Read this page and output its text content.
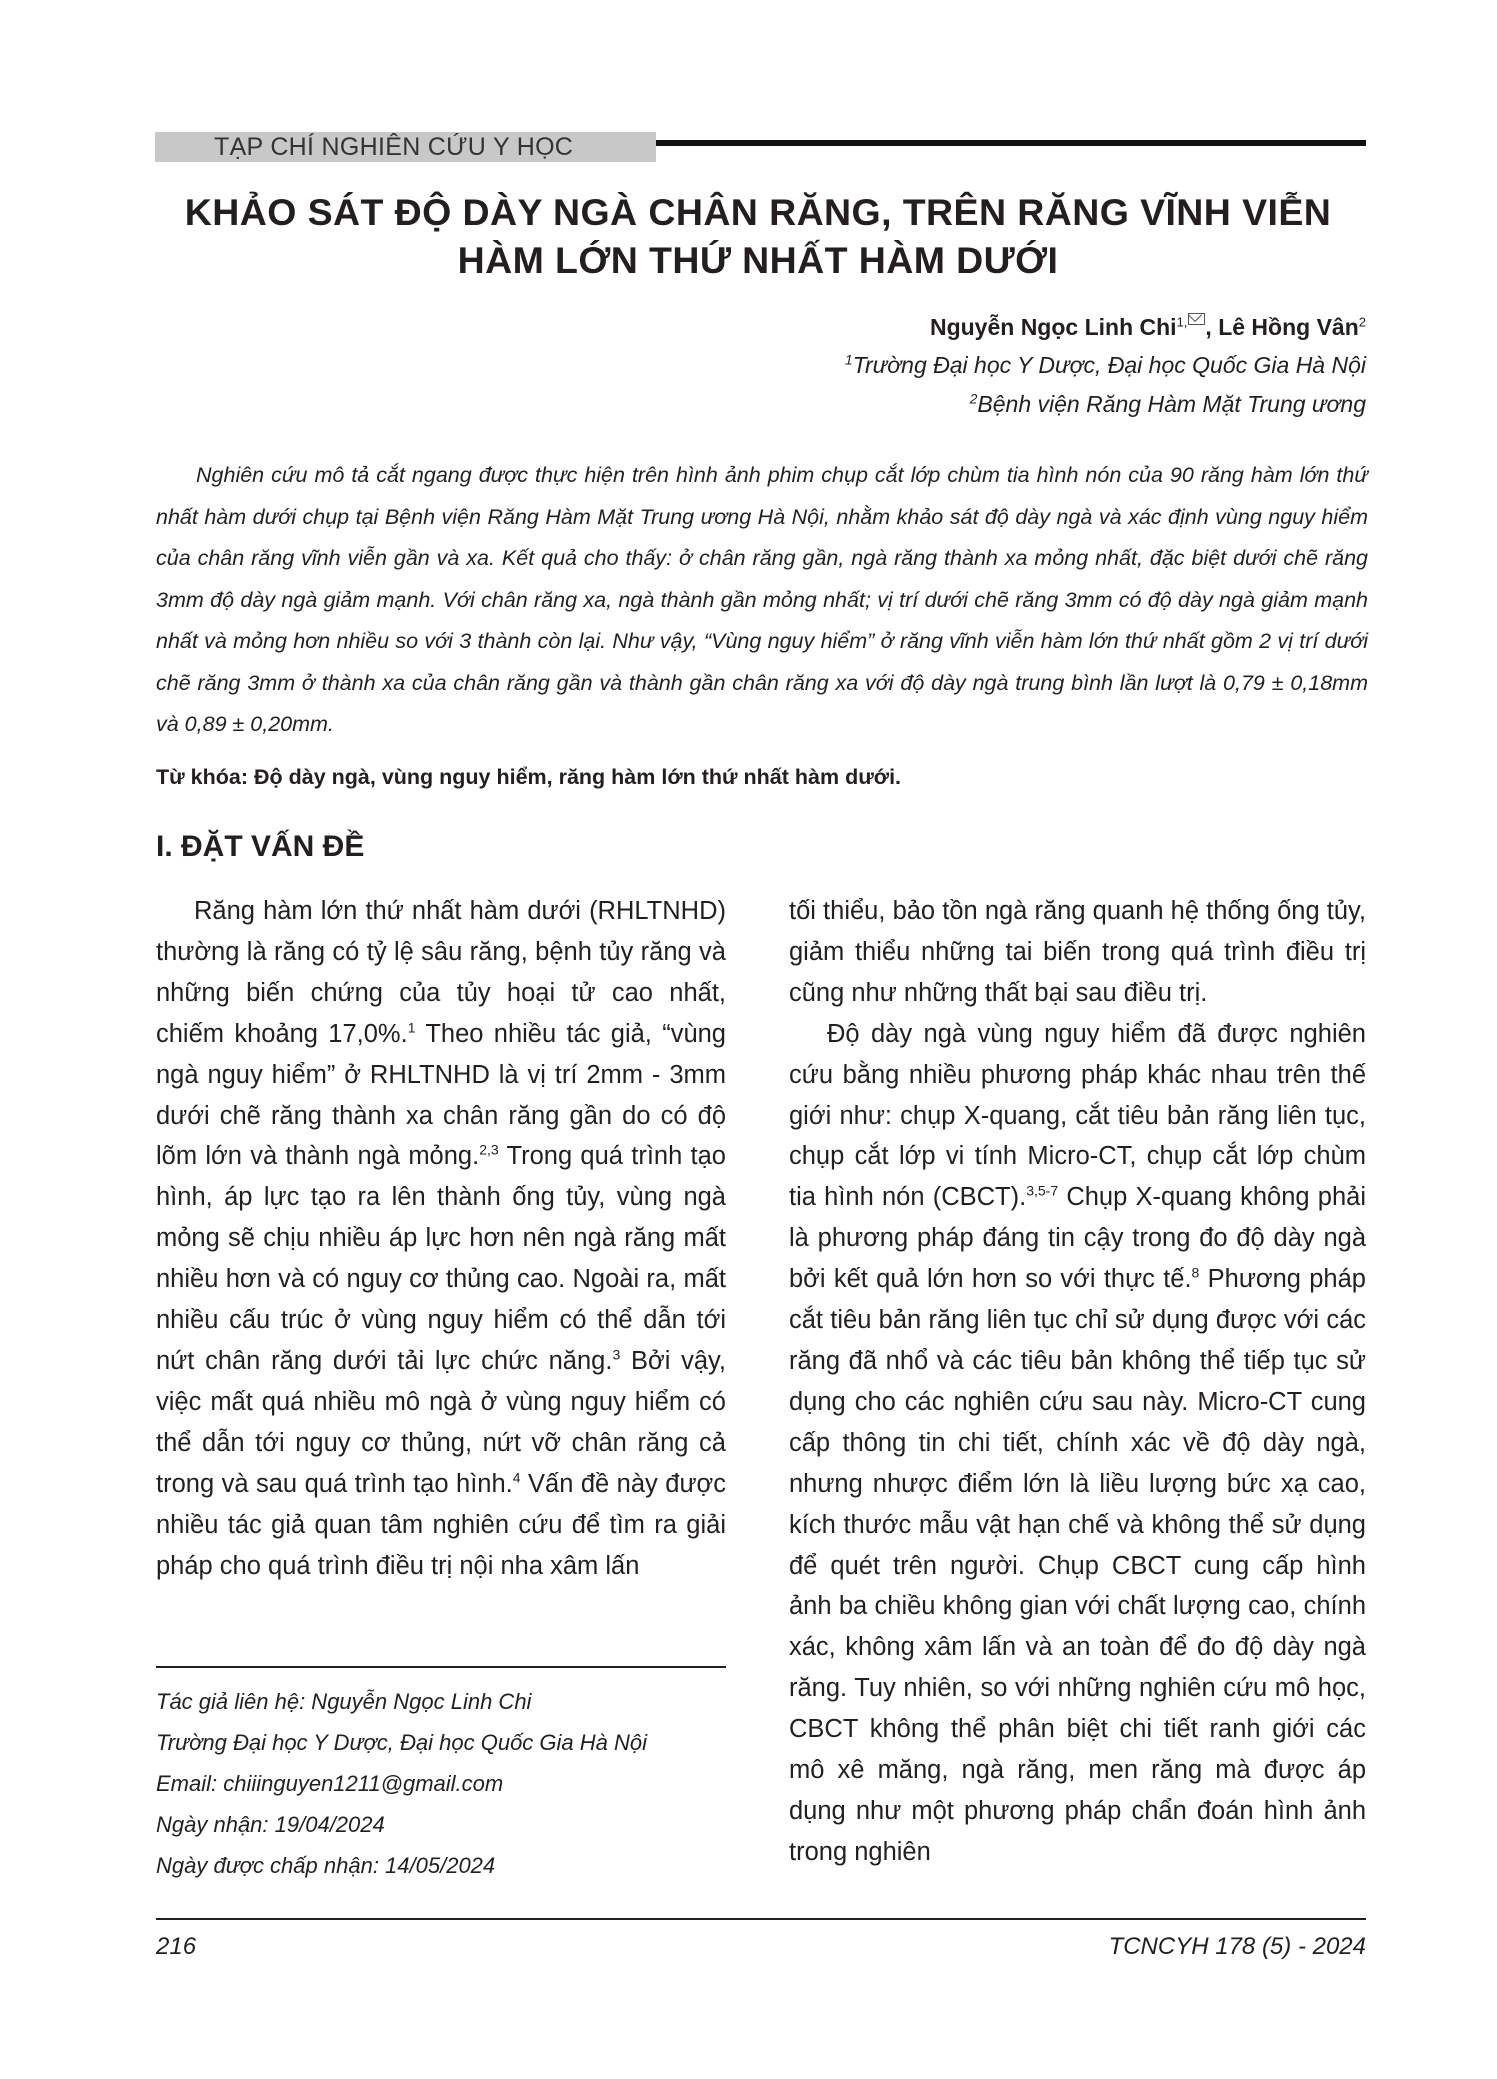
TẠP CHÍ NGHIÊN CỨU Y HỌC
KHẢO SÁT ĐỘ DÀY NGÀ CHÂN RĂNG, TRÊN RĂNG VĨNH VIỄN
HÀM LỚN THỨ NHẤT HÀM DƯỚI
Nguyễn Ngọc Linh Chi$^{1,}$ , Lê Hồng Vân$^2$
$^1$Trường Đại học Y Dược, Đại học Quốc Gia Hà Nội
$^2$Bệnh viện Răng Hàm Mặt Trung ương

Nghiên cứu mô tả cắt ngang được thực hiện trên hình ảnh phim chụp cắt lớp chùm tia hình nón của 90 răng hàm lớn thứ nhất hàm dưới chụp tại Bệnh viện Răng Hàm Mặt Trung ương Hà Nội, nhằm khảo sát độ dày ngà và xác định vùng nguy hiểm của chân răng vĩnh viễn gần và xa. Kết quả cho thấy: ở chân răng gần, ngà răng thành xa mỏng nhất, đặc biệt dưới chẽ răng 3mm độ dày ngà giảm mạnh. Với chân răng xa, ngà thành gần mỏng nhất; vị trí dưới chẽ răng 3mm có độ dày ngà giảm mạnh nhất và mỏng hơn nhiều so với 3 thành còn lại. Như vậy, “Vùng nguy hiểm” ở răng vĩnh viễn hàm lớn thứ nhất gồm 2 vị trí dưới chẽ răng 3mm ở thành xa của chân răng gần và thành gần chân răng xa với độ dày ngà trung bình lần lượt là 0,79 ± 0,18mm và 0,89 ± 0,20mm.

Từ khóa: Độ dày ngà, vùng nguy hiểm, răng hàm lớn thứ nhất hàm dưới.
I. ĐẶT VẤN ĐỀ

Răng hàm lớn thứ nhất hàm dưới (RHLTNHD) thường là răng có tỷ lệ sâu răng, bệnh tủy răng và những biến chứng của tủy hoại tử cao nhất, chiếm khoảng 17,0%.$^1$ Theo nhiều tác giả, “vùng ngà nguy hiểm” ở RHLTNHD là vị trí 2mm - 3mm dưới chẽ răng thành xa chân răng gần do có độ lõm lớn và thành ngà mỏng.$^{2,3}$ Trong quá trình tạo hình, áp lực tạo ra lên thành ống tủy, vùng ngà mỏng sẽ chịu nhiều áp lực hơn nên ngà răng mất nhiều hơn và có nguy cơ thủng cao. Ngoài ra, mất nhiều cấu trúc ở vùng nguy hiểm có thể dẫn tới nứt chân răng dưới tải lực chức năng.$^3$ Bởi vậy, việc mất quá nhiều mô ngà ở vùng nguy hiểm có thể dẫn tới nguy cơ thủng, nứt vỡ chân răng cả trong và sau quá trình tạo hình.$^4$ Vấn đề này được nhiều tác giả quan tâm nghiên cứu để tìm ra giải pháp cho quá trình điều trị nội nha xâm lấn

tối thiểu, bảo tồn ngà răng quanh hệ thống ống tủy, giảm thiểu những tai biến trong quá trình điều trị cũng như những thất bại sau điều trị.

Độ dày ngà vùng nguy hiểm đã được nghiên cứu bằng nhiều phương pháp khác nhau trên thế giới như: chụp X-quang, cắt tiêu bản răng liên tục, chụp cắt lớp vi tính Micro-CT, chụp cắt lớp chùm tia hình nón (CBCT).$^{3,5-7}$ Chụp X-quang không phải là phương pháp đáng tin cậy trong đo độ dày ngà bởi kết quả lớn hơn so với thực tế.$^8$ Phương pháp cắt tiêu bản răng liên tục chỉ sử dụng được với các răng đã nhổ và các tiêu bản không thể tiếp tục sử dụng cho các nghiên cứu sau này. Micro-CT cung cấp thông tin chi tiết, chính xác về độ dày ngà, nhưng nhược điểm lớn là liều lượng bức xạ cao, kích thước mẫu vật hạn chế và không thể sử dụng để quét trên người. Chụp CBCT cung cấp hình ảnh ba chiều không gian với chất lượng cao, chính xác, không xâm lấn và an toàn để đo độ dày ngà răng. Tuy nhiên, so với những nghiên cứu mô học, CBCT không thể phân biệt chi tiết ranh giới các mô xê măng, ngà răng, men răng mà được áp dụng như một phương pháp chẩn đoán hình ảnh trong nghiên

Tác giả liên hệ: Nguyễn Ngọc Linh Chi
Trường Đại học Y Dược, Đại học Quốc Gia Hà Nội
Email: chiiinguyen1211@gmail.com
Ngày nhận: 19/04/2024
Ngày được chấp nhận: 14/05/2024
216	TCNCYH 178 (5) - 2024
